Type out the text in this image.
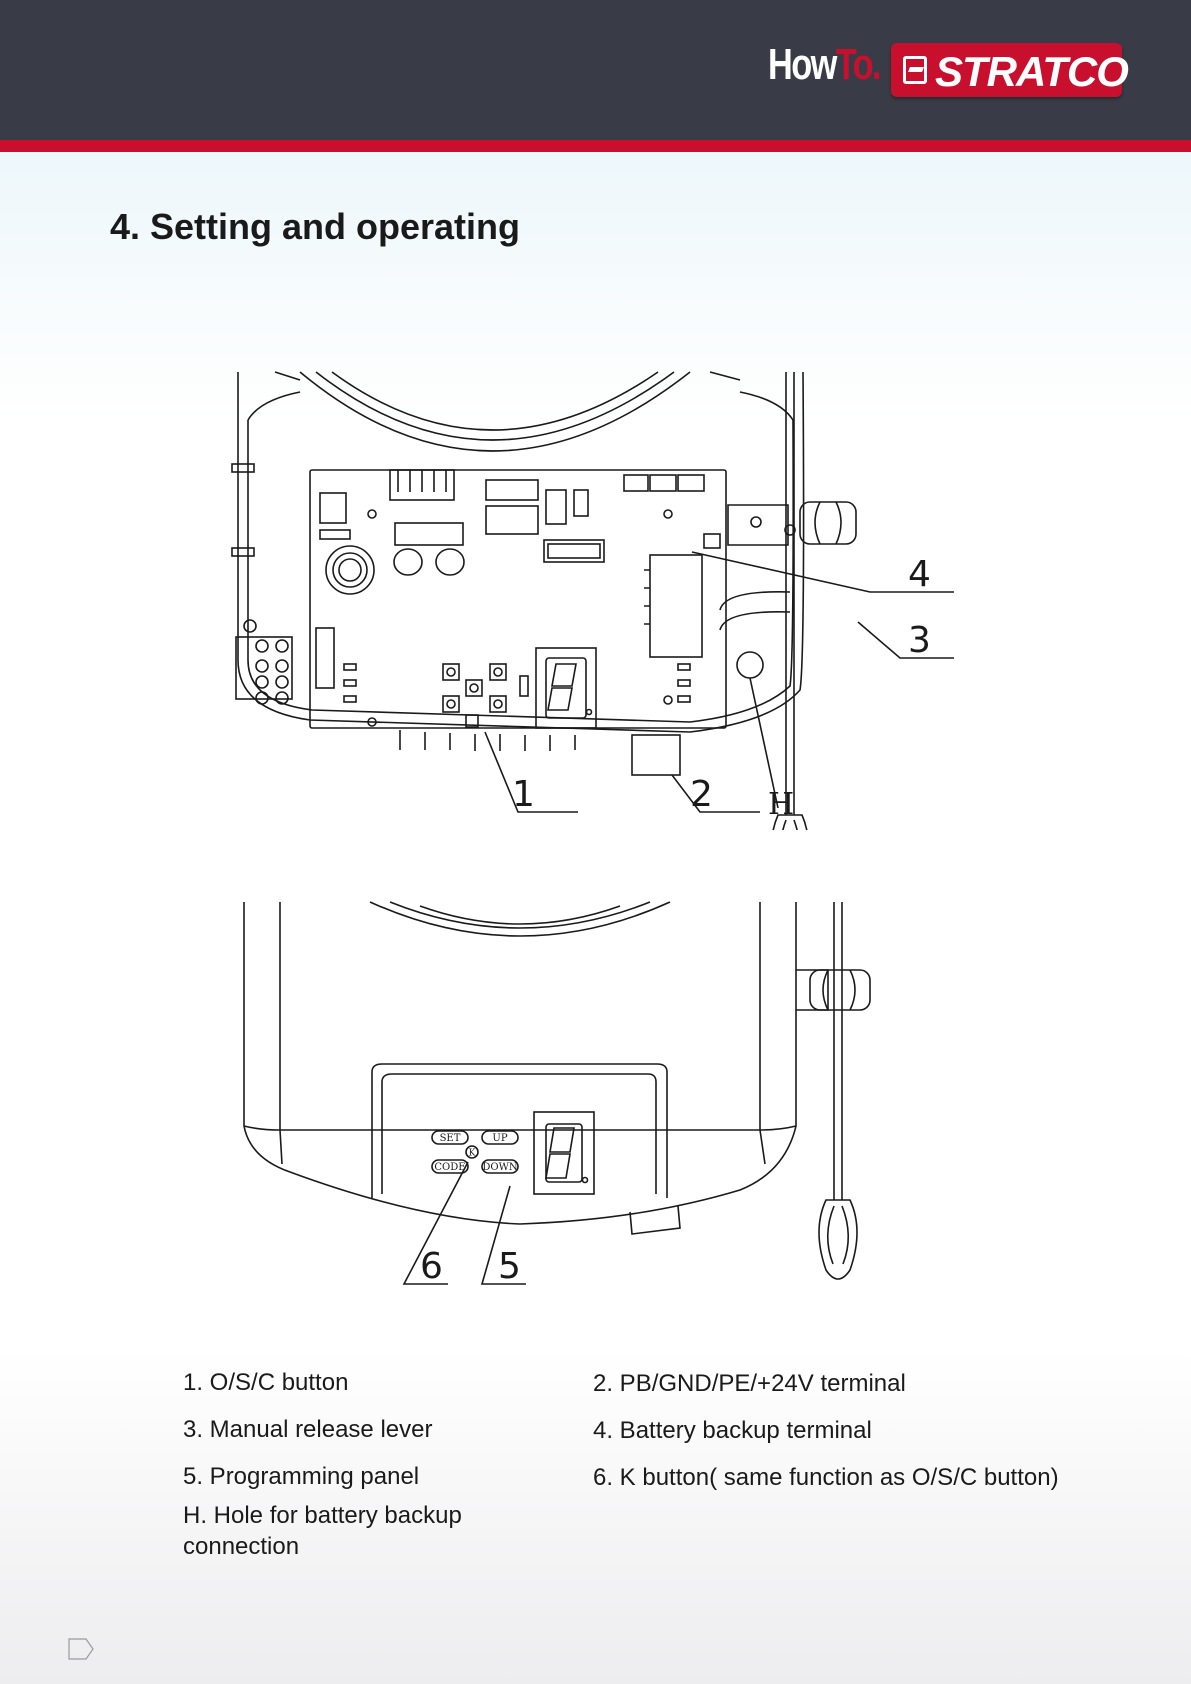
HowTo. STRATCO
4. Setting and operating
1	2 H
3
4
SET	UP
CODE DOWN
K
6 5
1. O/S/C button	2. PB/GND/PE/+24V terminal
3. Manual release lever	4. Battery backup terminal
5. Programming panel	6. K button( same function as O/S/C button)
H. Hole for battery backup connection
